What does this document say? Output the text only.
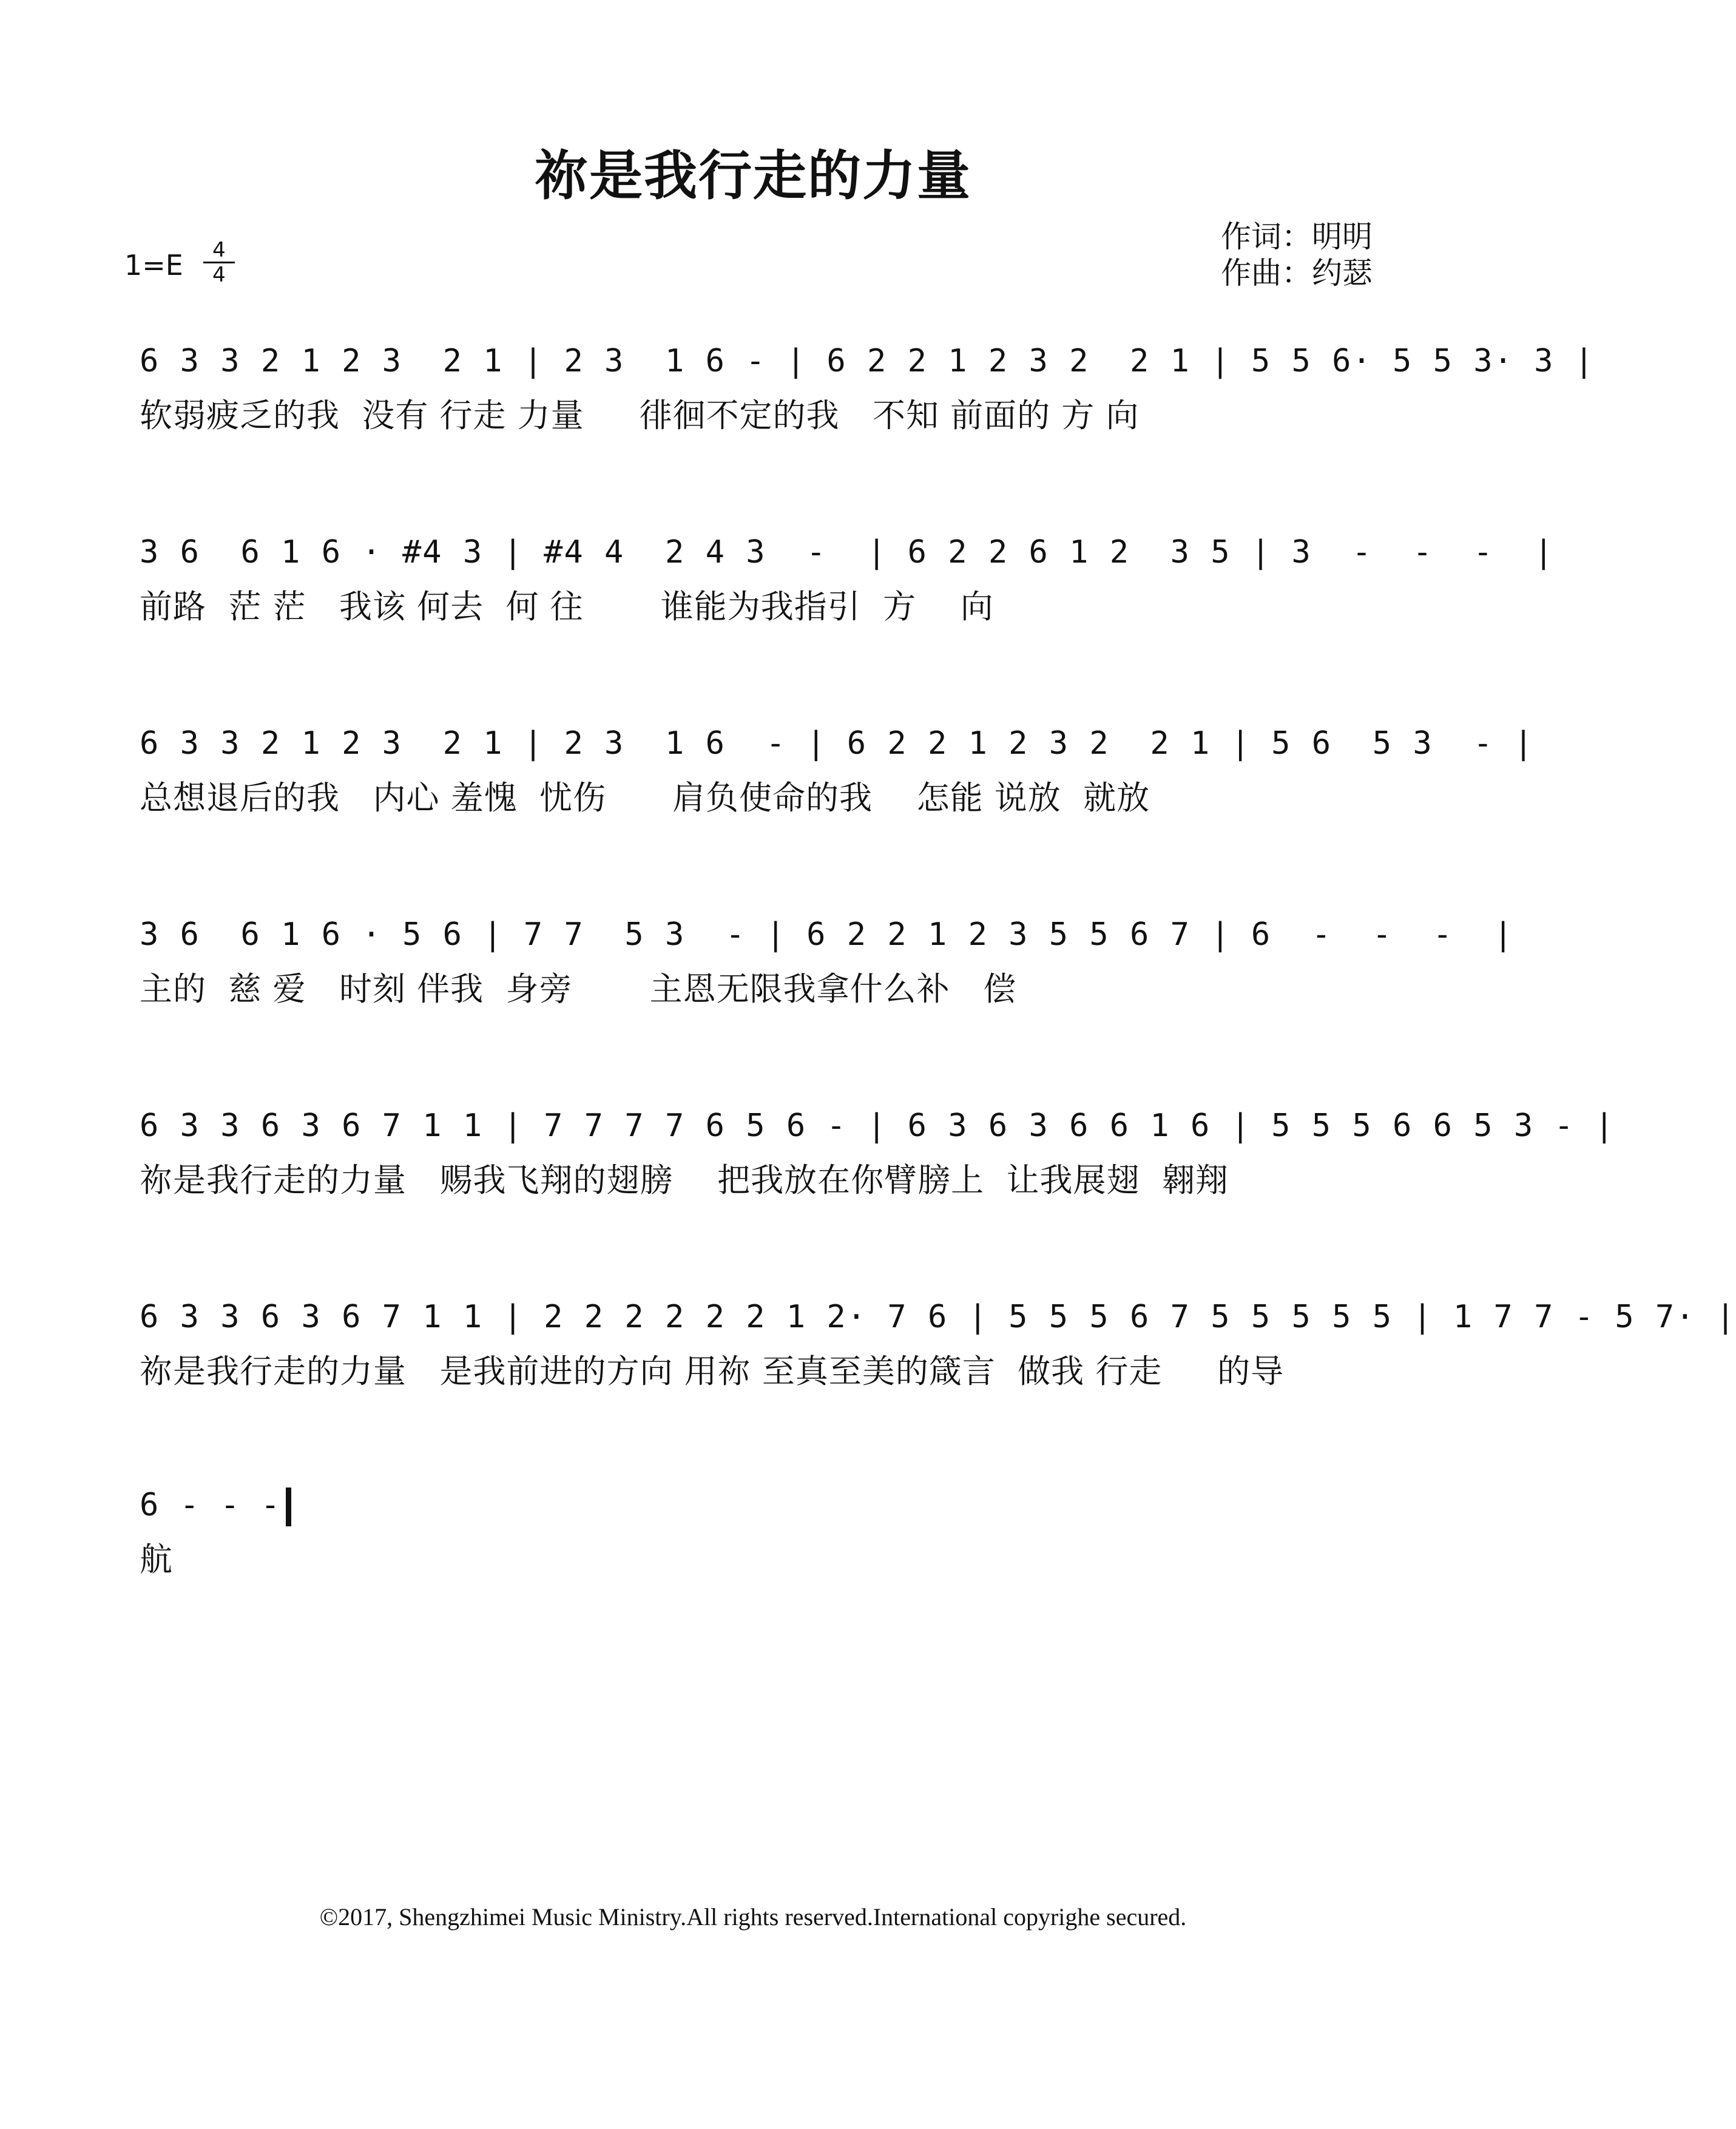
祢是我行走的力量
1=E	4
4
作词：明明
作曲：约瑟
6 3 3 2 1 2 3  2 1 | 2 3  1 6 - | 6 2 2 1 2 3 2  2 1 | 5 5 6· 5 5 3· 3 |
软弱疲乏的我  没有 行走 力量     徘徊不定的我   不知 前面的 方 向
3 6  6 1 6 · #4 3 | #4 4  2 4 3  -  | 6 2 2 6 1 2  3 5 | 3  -  -  -  |
前路  茫 茫   我该 何去  何 往       谁能为我指引  方    向
6 3 3 2 1 2 3  2 1 | 2 3  1 6  - | 6 2 2 1 2 3 2  2 1 | 5 6  5 3  - |
总想退后的我   内心 羞愧  忧伤      肩负使命的我    怎能 说放  就放
3 6  6 1 6 · 5 6 | 7 7  5 3  - | 6 2 2 1 2 3 5 5 6 7 | 6  -  -  -  |
主的  慈 爱   时刻 伴我  身旁       主恩无限我拿什么补   偿
6 3 3 6 3 6 7 1 1 | 7 7 7 7 6 5 6 - | 6 3 6 3 6 6 1 6 | 5 5 5 6 6 5 3 - |
祢是我行走的力量   赐我飞翔的翅膀    把我放在你臂膀上  让我展翅  翱翔
6 3 3 6 3 6 7 1 1 | 2 2 2 2 2 2 1 2· 7 6 | 5 5 5 6 7 5 5 5 5 5 | 1 7 7 - 5 7· |
祢是我行走的力量   是我前进的方向 用祢 至真至美的箴言  做我 行走     的导
6 - - -
航
©2017, Shengzhimei Music Ministry.All rights reserved.International copyrighe secured.
